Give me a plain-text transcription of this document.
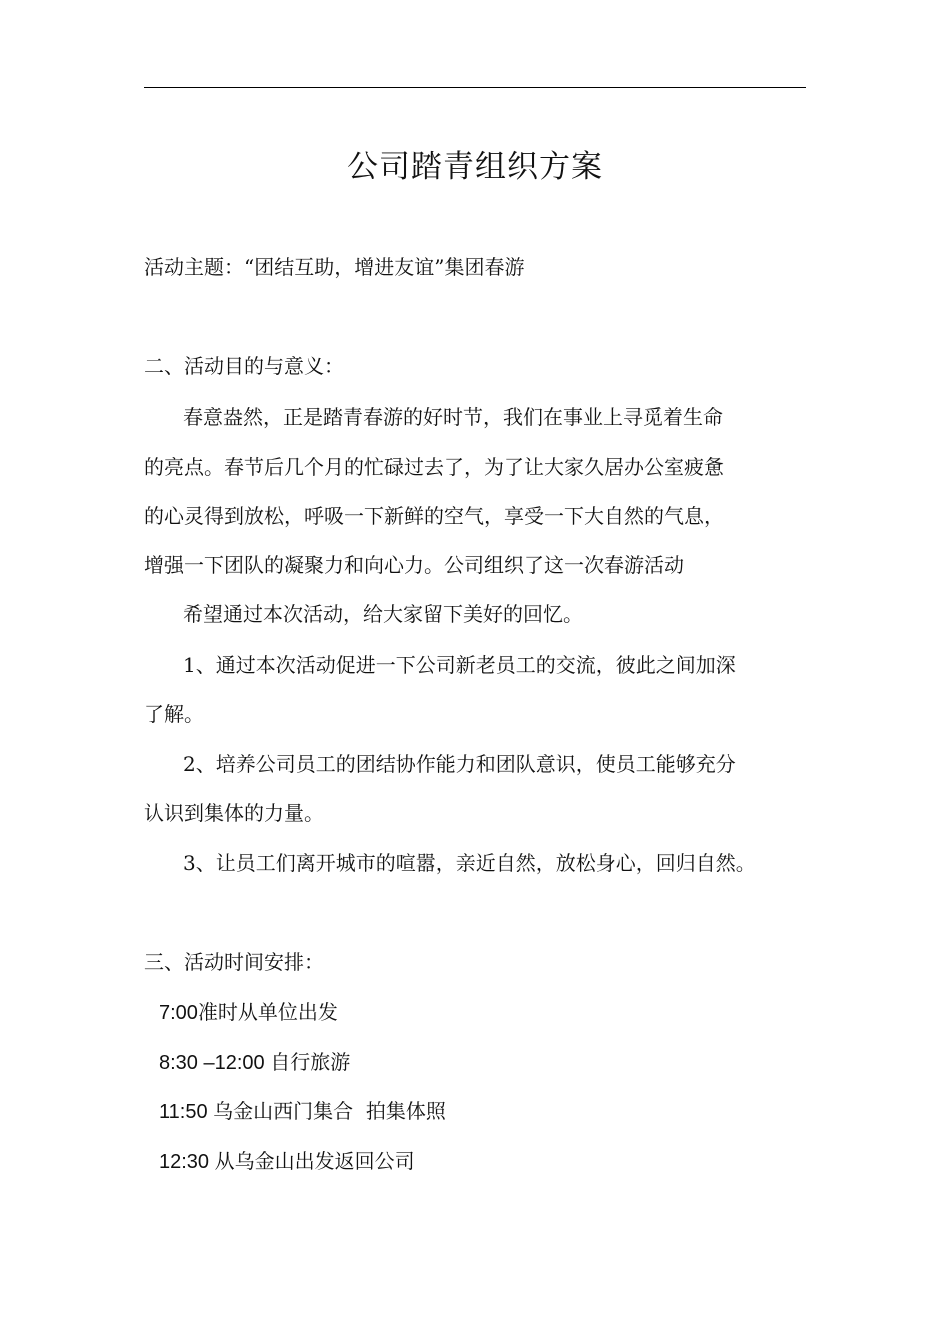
公司踏青组织方案
活动主题：“团结互助，增进友谊”集团春游
二、活动目的与意义：
春意盎然，正是踏青春游的好时节，我们在事业上寻觅着生命
的亮点。春节后几个月的忙碌过去了，为了让大家久居办公室疲惫
的心灵得到放松，呼吸一下新鲜的空气，享受一下大自然的气息，
增强一下团队的凝聚力和向心力。公司组织了这一次春游活动
希望通过本次活动，给大家留下美好的回忆。
1、通过本次活动促进一下公司新老员工的交流，彼此之间加深
了解。
2、培养公司员工的团结协作能力和团队意识，使员工能够充分
认识到集体的力量。
3、让员工们离开城市的喧嚣，亲近自然，放松身心，回归自然。
三、活动时间安排：
7:00准时从单位出发
8:30 –12:00 自行旅游
11:50 乌金山西门集合  拍集体照
12:30 从乌金山出发返回公司
